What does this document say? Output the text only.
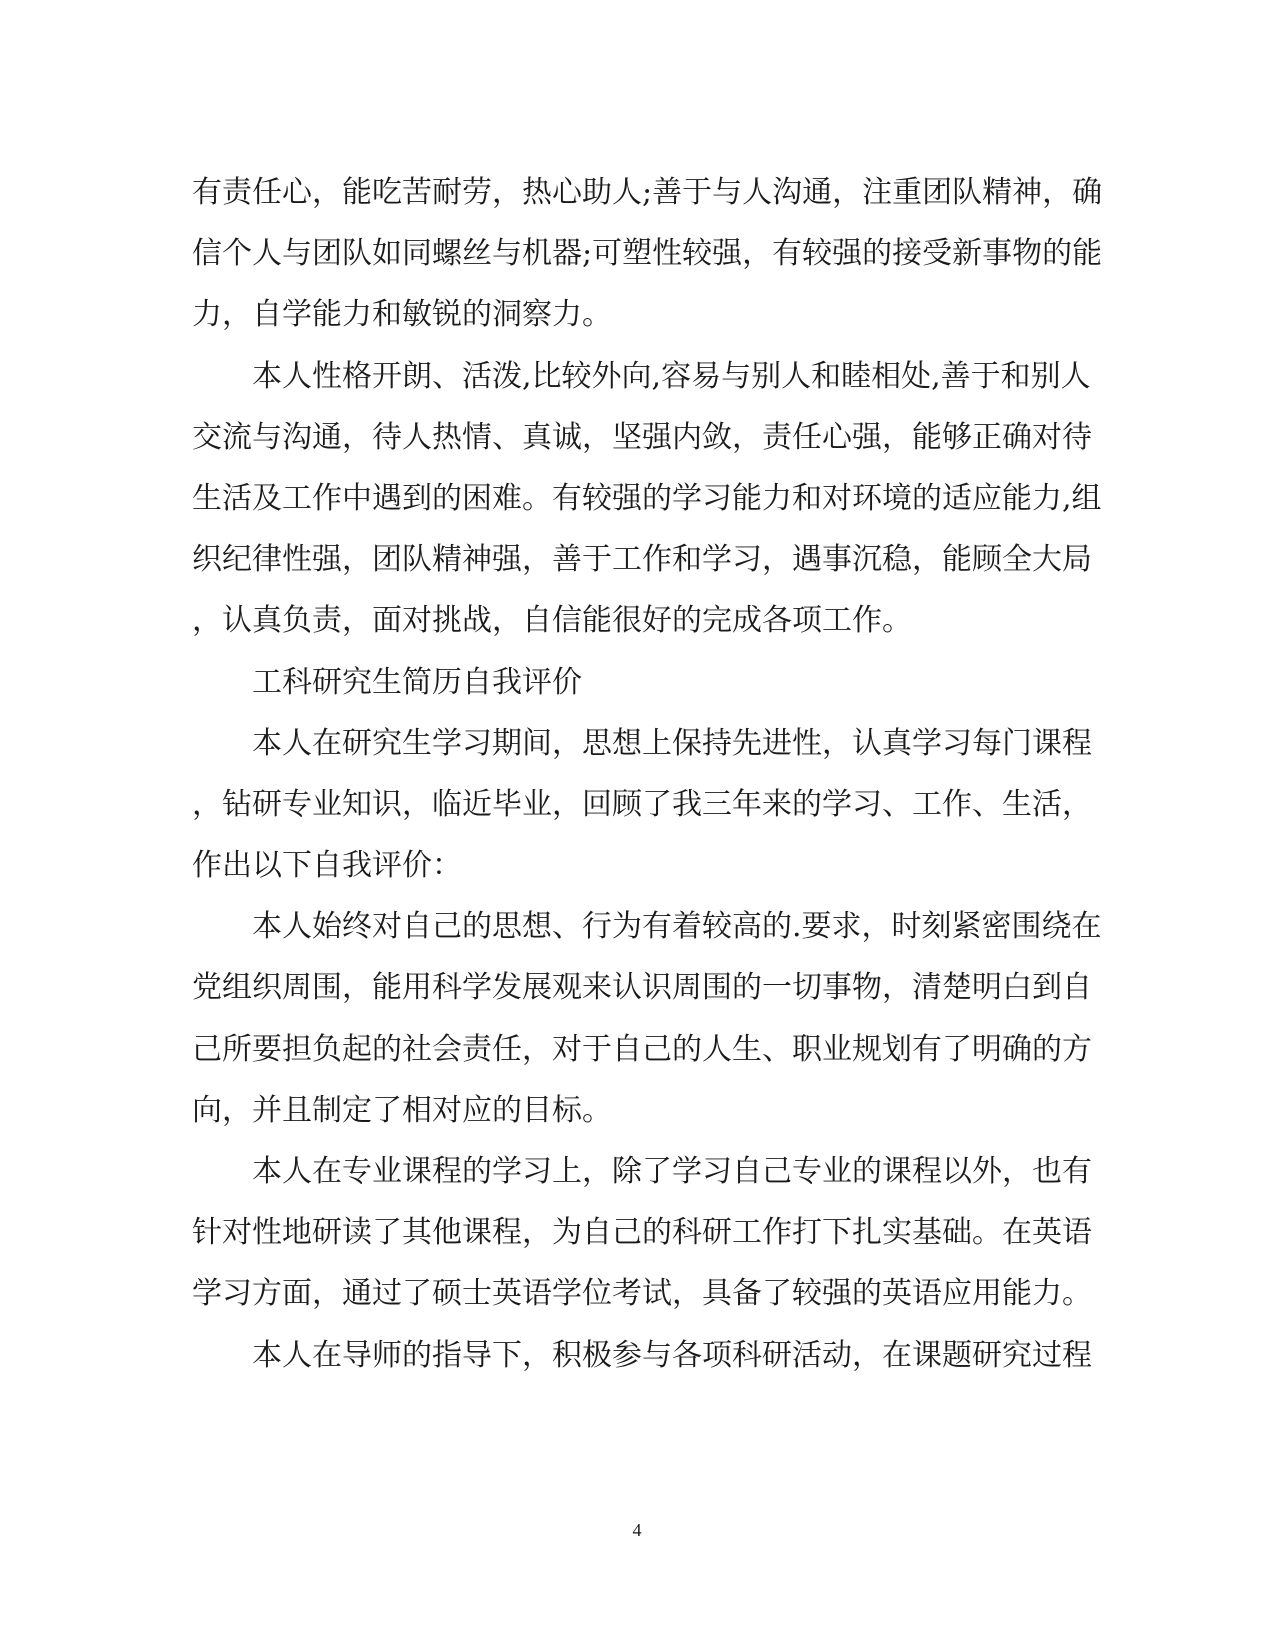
有责任心，能吃苦耐劳，热心助人;善于与人沟通，注重团队精神，确
信个人与团队如同螺丝与机器;可塑性较强，有较强的接受新事物的能
力，自学能力和敏锐的洞察力。
　　本人性格开朗、活泼,比较外向,容易与别人和睦相处,善于和别人
交流与沟通，待人热情、真诚，坚强内敛，责任心强，能够正确对待
生活及工作中遇到的困难。有较强的学习能力和对环境的适应能力,组
织纪律性强，团队精神强，善于工作和学习，遇事沉稳，能顾全大局
，认真负责，面对挑战，自信能很好的完成各项工作。
　　工科研究生简历自我评价
　　本人在研究生学习期间，思想上保持先进性，认真学习每门课程
，钻研专业知识，临近毕业，回顾了我三年来的学习、工作、生活，
作出以下自我评价：
　　本人始终对自己的思想、行为有着较高的.要求，时刻紧密围绕在
党组织周围，能用科学发展观来认识周围的一切事物，清楚明白到自
己所要担负起的社会责任，对于自己的人生、职业规划有了明确的方
向，并且制定了相对应的目标。
　　本人在专业课程的学习上，除了学习自己专业的课程以外，也有
针对性地研读了其他课程，为自己的科研工作打下扎实基础。在英语
学习方面，通过了硕士英语学位考试，具备了较强的英语应用能力。
　　本人在导师的指导下，积极参与各项科研活动，在课题研究过程
4
